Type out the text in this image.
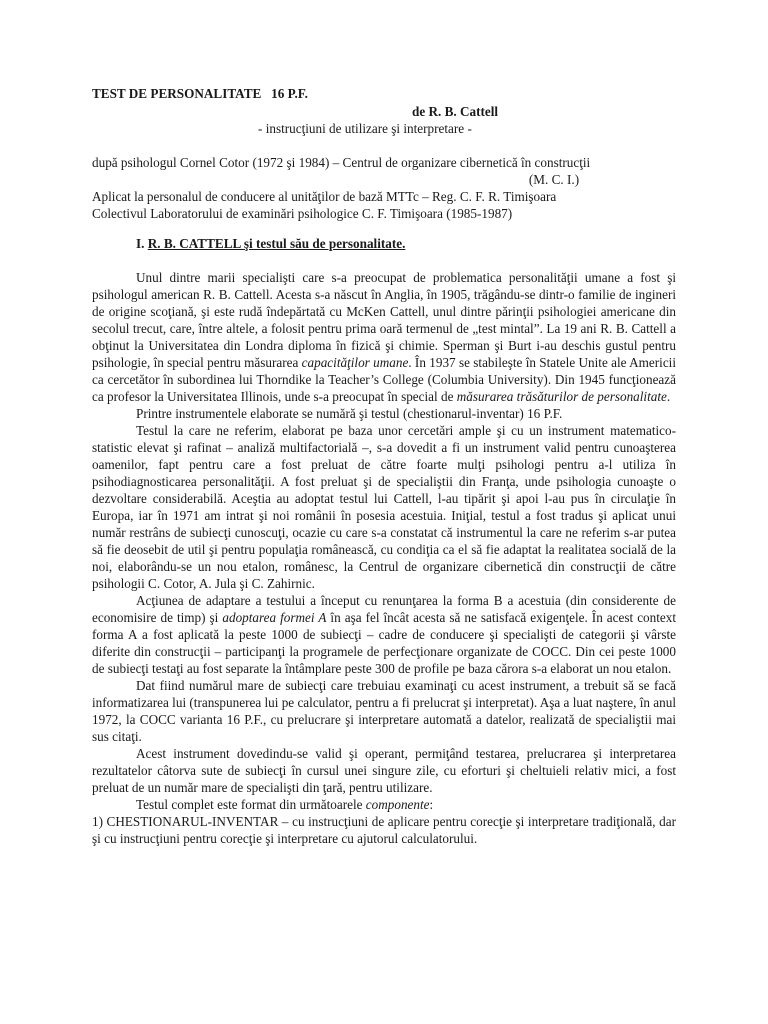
TEST DE PERSONALITATE   16 P.F.
de R. B. Cattell
- instrucţiuni de utilizare şi interpretare -
după psihologul Cornel Cotor (1972 şi 1984) – Centrul de organizare cibernetică în construcţii
(M. C. I.)
Aplicat la personalul de conducere al unităţilor de bază MTTc – Reg. C. F. R. Timişoara
Colectivul Laboratorului de examinări psihologice C. F. Timişoara (1985-1987)
I. R. B. CATTELL şi testul său de personalitate.
Unul dintre marii specialişti care s-a preocupat de problematica personalităţii umane a fost şi psihologul american R. B. Cattell. Acesta s-a născut în Anglia, în 1905, trăgându-se dintr-o familie de ingineri de origine scoţiană, şi este rudă îndepărtată cu McKen Cattell, unul dintre părinţii psihologiei americane din secolul trecut, care, între altele, a folosit pentru prima oară termenul de „test mintal”. La 19 ani R. B. Cattell a obţinut la Universitatea din Londra diploma în fizică şi chimie. Sperman şi Burt i-au deschis gustul pentru psihologie, în special pentru măsurarea capacităţilor umane. În 1937 se stabileşte în Statele Unite ale Americii ca cercetător în subordinea lui Thorndike la Teacher’s College (Columbia University). Din 1945 funcţionează ca profesor la Universitatea Illinois, unde s-a preocupat în special de măsurarea trăsăturilor de personalitate.
Printre instrumentele elaborate se numără şi testul (chestionarul-inventar) 16 P.F.
Testul la care ne referim, elaborat pe baza unor cercetări ample şi cu un instrument matematico-statistic elevat şi rafinat – analiză multifactorială –, s-a dovedit a fi un instrument valid pentru cunoaşterea oamenilor, fapt pentru care a fost preluat de către foarte mulţi psihologi pentru a-l utiliza în psihodiagnosticarea personalităţii. A fost preluat şi de specialiştii din Franţa, unde psihologia cunoaşte o dezvoltare considerabilă. Aceştia au adoptat testul lui Cattell, l-au tipărit şi apoi l-au pus în circulaţie în Europa, iar în 1971 am intrat şi noi românii în posesia acestuia. Iniţial, testul a fost tradus şi aplicat unui număr restrâns de subiecţi cunoscuţi, ocazie cu care s-a constatat că instrumentul la care ne referim s-ar putea să fie deosebit de util şi pentru populaţia românească, cu condiţia ca el să fie adaptat la realitatea socială de la noi, elaborându-se un nou etalon, românesc, la Centrul de organizare cibernetică din construcţii de către psihologii C. Cotor, A. Jula şi C. Zahirnic.
Acţiunea de adaptare a testului a început cu renunţarea la forma B a acestuia (din considerente de economisire de timp) şi adoptarea formei A în aşa fel încât acesta să ne satisfacă exigenţele. În acest context forma A a fost aplicată la peste 1000 de subiecţi – cadre de conducere şi specialişti de categorii şi vârste diferite din construcţii – participanţi la programele de perfecţionare organizate de COCC. Din cei peste 1000 de subiecţi testaţi au fost separate la întâmplare peste 300 de profile pe baza cărora s-a elaborat un nou etalon.
Dat fiind numărul mare de subiecţi care trebuiau examinaţi cu acest instrument, a trebuit să se facă informatizarea lui (transpunerea lui pe calculator, pentru a fi prelucrat şi interpretat). Aşa a luat naştere, în anul 1972, la COCC varianta 16 P.F., cu prelucrare şi interpretare automată a datelor, realizată de specialiştii mai sus citaţi.
Acest instrument dovedindu-se valid şi operant, permiţând testarea, prelucrarea şi interpretarea rezultatelor câtorva sute de subiecţi în cursul unei singure zile, cu eforturi şi cheltuieli relativ mici, a fost preluat de un număr mare de specialişti din ţară, pentru utilizare.
Testul complet este format din următoarele componente:
1) CHESTIONARUL-INVENTAR – cu instrucţiuni de aplicare pentru corecţie şi interpretare tradiţională, dar şi cu instrucţiuni pentru corecţie şi interpretare cu ajutorul calculatorului.
